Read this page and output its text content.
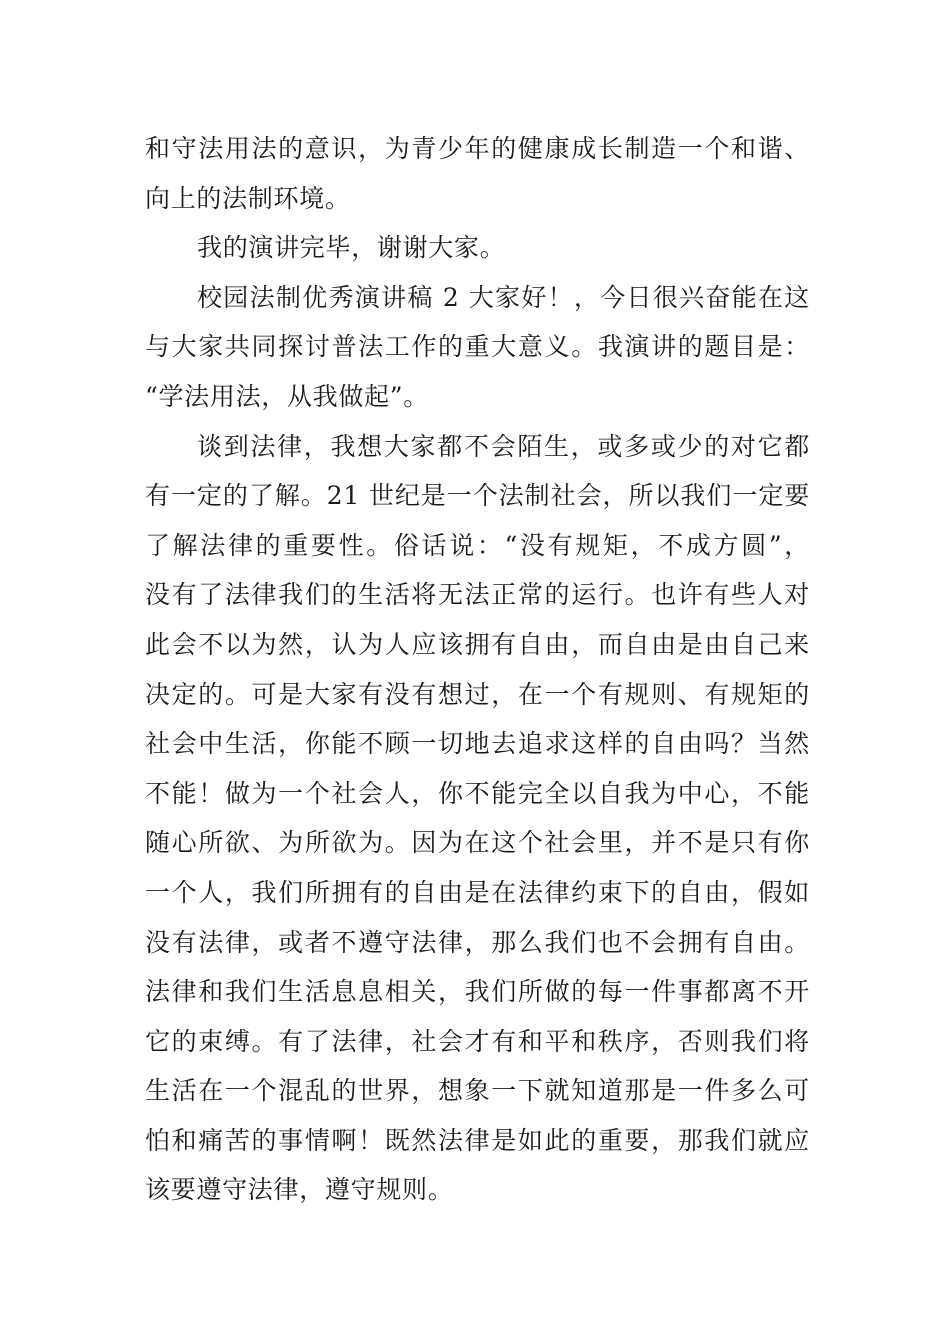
和守法用法的意识，为青少年的健康成长制造一个和谐、
向上的法制环境。
我的演讲完毕，谢谢大家。
校园法制优秀演讲稿 2 大家好！，今日很兴奋能在这
与大家共同探讨普法工作的重大意义。我演讲的题目是：
“学法用法，从我做起”。
谈到法律，我想大家都不会陌生，或多或少的对它都
有一定的了解。21 世纪是一个法制社会，所以我们一定要
了解法律的重要性。俗话说：“没有规矩，不成方圆”，
没有了法律我们的生活将无法正常的运行。也许有些人对
此会不以为然，认为人应该拥有自由，而自由是由自己来
决定的。可是大家有没有想过，在一个有规则、有规矩的
社会中生活，你能不顾一切地去追求这样的自由吗？当然
不能！做为一个社会人，你不能完全以自我为中心，不能
随心所欲、为所欲为。因为在这个社会里，并不是只有你
一个人，我们所拥有的自由是在法律约束下的自由，假如
没有法律，或者不遵守法律，那么我们也不会拥有自由。
法律和我们生活息息相关，我们所做的每一件事都离不开
它的束缚。有了法律，社会才有和平和秩序，否则我们将
生活在一个混乱的世界，想象一下就知道那是一件多么可
怕和痛苦的事情啊！既然法律是如此的重要，那我们就应
该要遵守法律，遵守规则。
